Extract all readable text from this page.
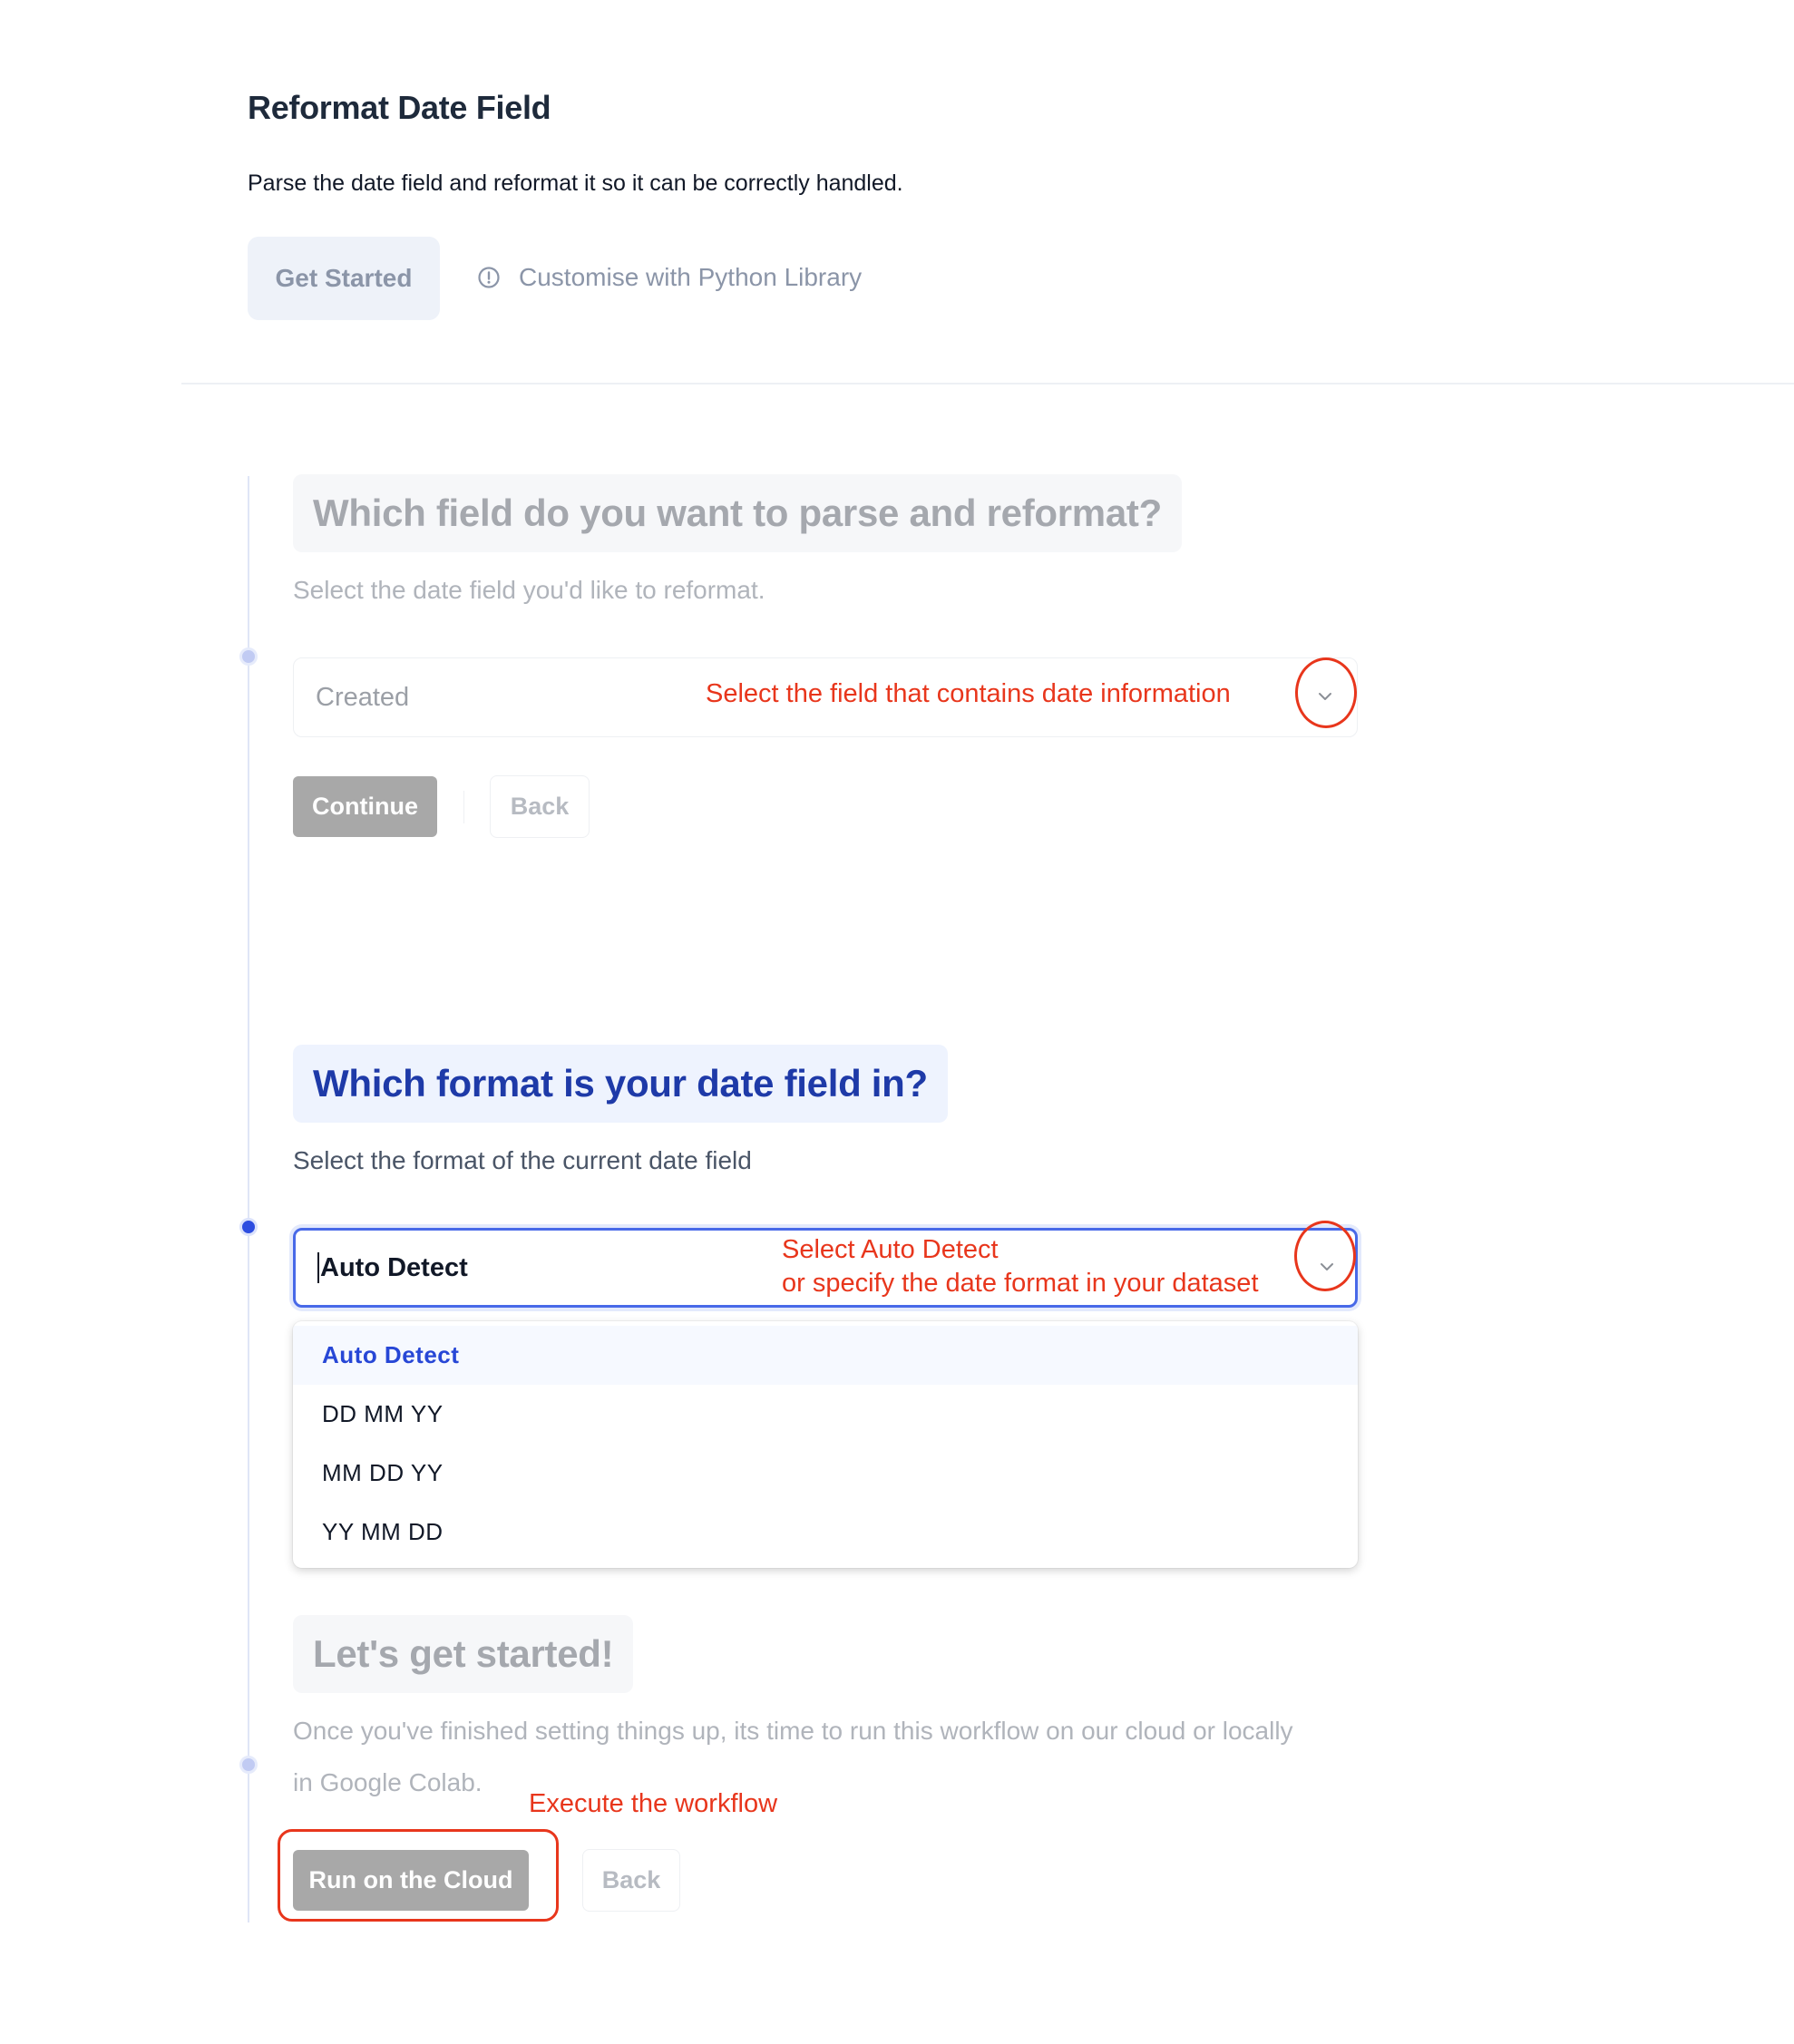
Reformat Date Field
Parse the date field and reformat it so it can be correctly handled.
Get Started	Customise with Python Library
Which field do you want to parse and reformat?
Select the date field you'd like to reformat.
Created	Select the field that contains date information
Continue	Back
Which format is your date field in?
Select the format of the current date field
Auto Detect
Select Auto Detect
or specify the date format in your dataset
Auto Detect
DD MM YY
MM DD YY
YY MM DD
Let's get started!
Once you've finished setting things up, its time to run this workflow on our cloud or locally
in Google Colab.
Execute the workflow
Run on the Cloud	Back
